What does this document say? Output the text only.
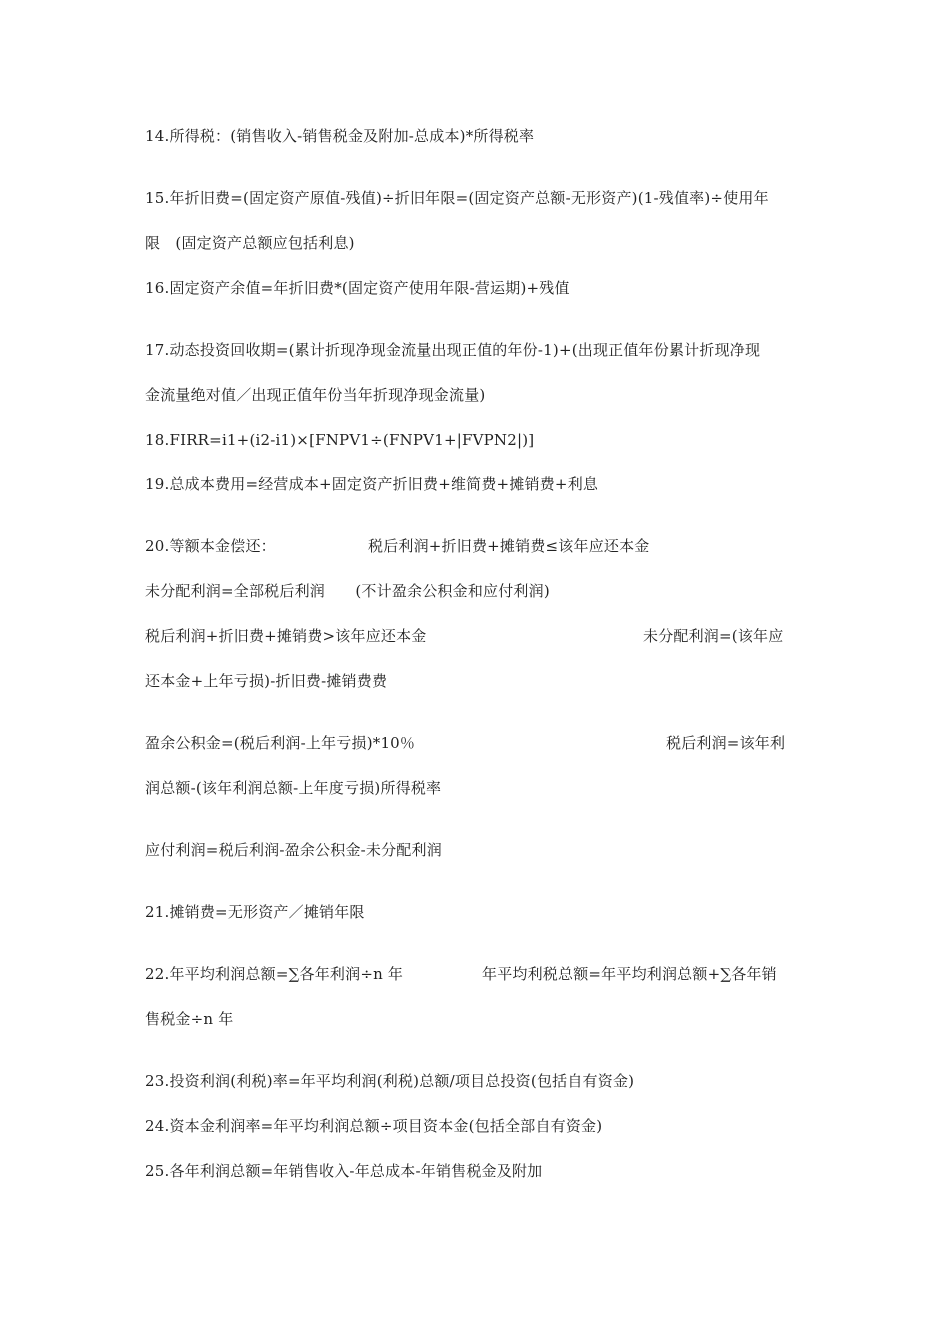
14.所得税：(销售收入-销售税金及附加-总成本)*所得税率
15.年折旧费=(固定资产原值-残值)÷折旧年限=(固定资产总额-无形资产)(1-残值率)÷使用年
限　(固定资产总额应包括利息)
16.固定资产余值=年折旧费*(固定资产使用年限-营运期)+残值
17.动态投资回收期=(累计折现净现金流量出现正值的年份-1)+(出现正值年份累计折现净现
金流量绝对值／出现正值年份当年折现净现金流量)
18.FIRR=i1+(i2-i1)×[FNPV1÷(FNPV1+|FVPN2|)]
19.总成本费用=经营成本+固定资产折旧费+维简费+摊销费+利息
20.等额本金偿还：	税后利润+折旧费+摊销费≤该年应还本金
未分配利润=全部税后利润　　(不计盈余公积金和应付利润)
税后利润+折旧费+摊销费>该年应还本金	未分配利润=(该年应
还本金+上年亏损)-折旧费-摊销费费
盈余公积金=(税后利润-上年亏损)*10％	税后利润=该年利
润总额-(该年利润总额-上年度亏损)所得税率
应付利润=税后利润-盈余公积金-未分配利润
21.摊销费=无形资产／摊销年限
22.年平均利润总额=∑各年利润÷n 年	年平均利税总额=年平均利润总额+∑各年销
售税金÷n 年
23.投资利润(利税)率=年平均利润(利税)总额/项目总投资(包括自有资金)
24.资本金利润率=年平均利润总额÷项目资本金(包括全部自有资金)
25.各年利润总额=年销售收入-年总成本-年销售税金及附加
